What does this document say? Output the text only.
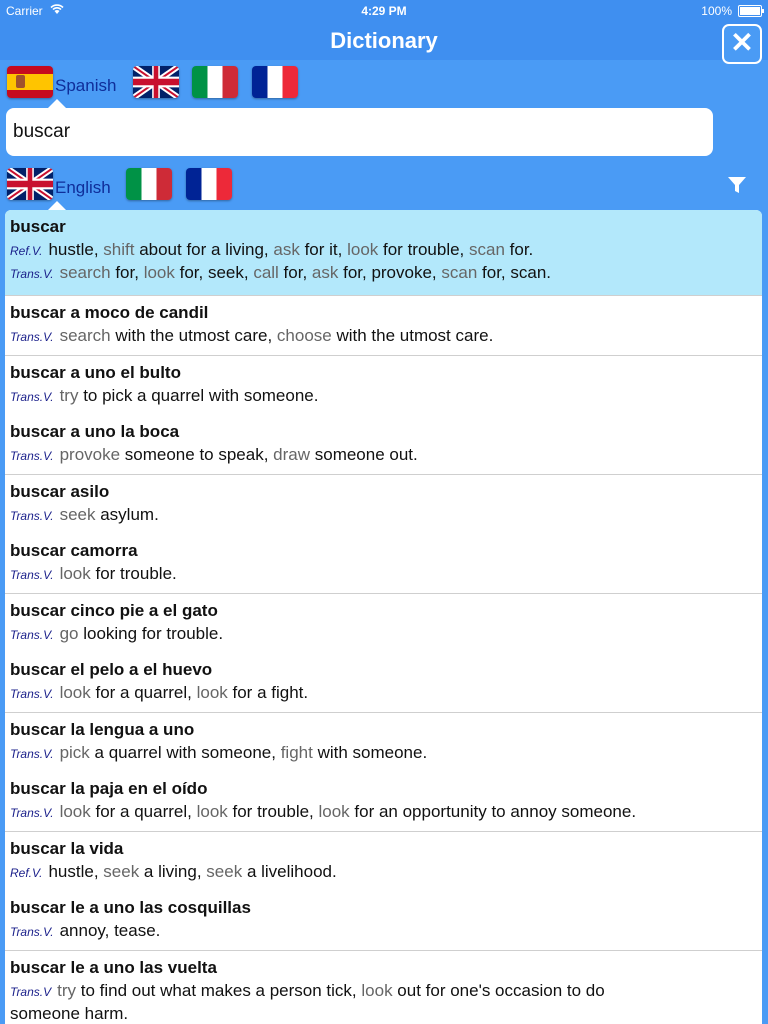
Carrier	4:29 PM	100%
Dictionary	✕
Spanish
buscar
English
buscar
Ref.V. hustle, shift about for a living, ask for it, look for trouble, scan for.
Trans.V. search for, look for, seek, call for, ask for, provoke, scan for, scan.
buscar a moco de candil
Trans.V. search with the utmost care, choose with the utmost care.
buscar a uno el bulto
Trans.V. try to pick a quarrel with someone.
buscar a uno la boca
Trans.V. provoke someone to speak, draw someone out.
buscar asilo
Trans.V. seek asylum.
buscar camorra
Trans.V. look for trouble.
buscar cinco pie a el gato
Trans.V. go looking for trouble.
buscar el pelo a el huevo
Trans.V. look for a quarrel, look for a fight.
buscar la lengua a uno
Trans.V. pick a quarrel with someone, fight with someone.
buscar la paja en el oído
Trans.V. look for a quarrel, look for trouble, look for an opportunity to annoy someone.
buscar la vida
Ref.V. hustle, seek a living, seek a livelihood.
buscar le a uno las cosquillas
Trans.V. annoy, tease.
buscar le a uno las vuelta
Trans.V try to find out what makes a person tick, look out for one's occasion to do
someone harm.
